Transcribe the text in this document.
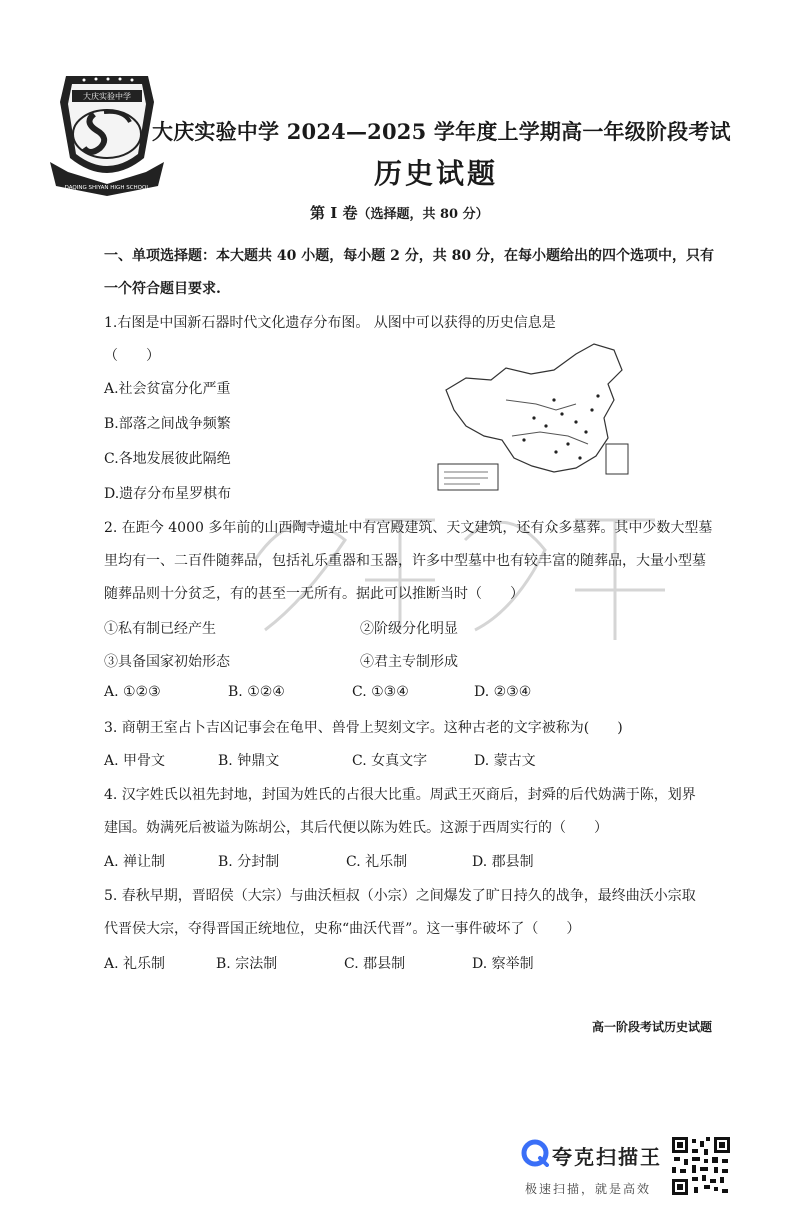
大庆实验中学
DAQING SHIYAN HIGH SCHOOL
大庆实验中学 2024—2025 学年度上学期高一年级阶段考试
历史试题
第 I 卷（选择题，共 80 分）
一、单项选择题：本大题共 40 小题，每小题 2 分，共 80 分，在每小题给出的四个选项中，只有
一个符合题目要求.
1.右图是中国新石器时代文化遗存分布图。 从图中可以获得的历史信息是
（　　）
A.社会贫富分化严重
B.部落之间战争频繁
C.各地发展彼此隔绝
D.遗存分布星罗棋布
2. 在距今 4000 多年前的山西陶寺遗址中有宫殿建筑、天文建筑，还有众多墓葬。其中少数大型墓
里均有一、二百件随葬品，包括礼乐重器和玉器，许多中型墓中也有较丰富的随葬品，大量小型墓
随葬品则十分贫乏，有的甚至一无所有。据此可以推断当时（　　）
①私有制已经产生	②阶级分化明显
③具备国家初始形态	④君主专制形成
A. ①②③	B. ①②④	C. ①③④	D. ②③④
3. 商朝王室占卜吉凶记事会在龟甲、兽骨上契刻文字。这种古老的文字被称为(　　)
A. 甲骨文	B. 钟鼎文	C. 女真文字	D. 蒙古文
4. 汉字姓氏以祖先封地，封国为姓氏的占很大比重。周武王灭商后，封舜的后代妫满于陈，划界
建国。妫满死后被谥为陈胡公，其后代便以陈为姓氏。这源于西周实行的（　　）
A. 禅让制	B. 分封制	C. 礼乐制	D. 郡县制
5. 春秋早期，晋昭侯（大宗）与曲沃桓叔（小宗）之间爆发了旷日持久的战争，最终曲沃小宗取
代晋侯大宗，夺得晋国正统地位，史称“曲沃代晋”。这一事件破坏了（　　）
A. 礼乐制	B. 宗法制	C. 郡县制	D. 察举制
高一阶段考试历史试题
夸克扫描王
极速扫描，就是高效
